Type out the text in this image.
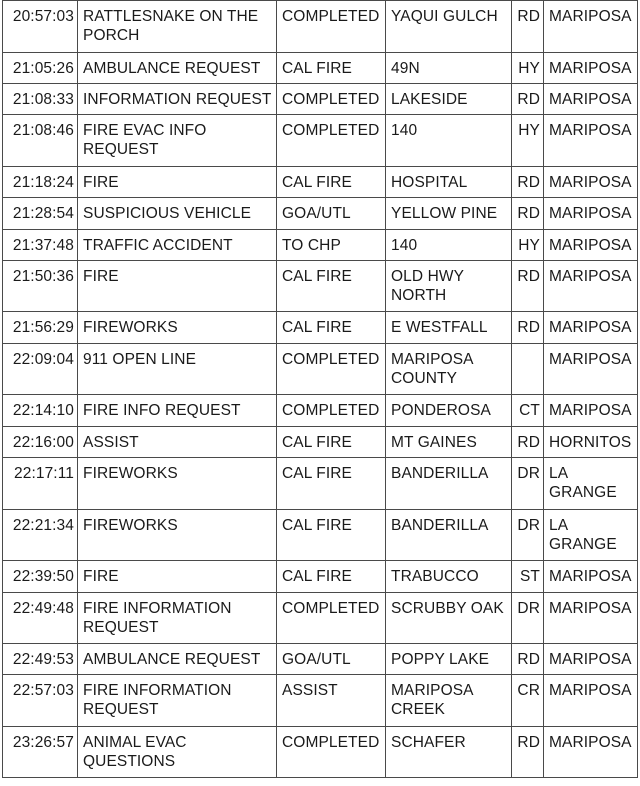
20:57:03	RATTLESNAKE ON THE PORCH	COMPLETED	YAQUI GULCH	RD	MARIPOSA
21:05:26	AMBULANCE REQUEST	CAL FIRE	49N	HY	MARIPOSA
21:08:33	INFORMATION REQUEST	COMPLETED	LAKESIDE	RD	MARIPOSA
21:08:46	FIRE EVAC INFO REQUEST	COMPLETED	140	HY	MARIPOSA
21:18:24	FIRE	CAL FIRE	HOSPITAL	RD	MARIPOSA
21:28:54	SUSPICIOUS VEHICLE	GOA/UTL	YELLOW PINE	RD	MARIPOSA
21:37:48	TRAFFIC ACCIDENT	TO CHP	140	HY	MARIPOSA
21:50:36	FIRE	CAL FIRE	OLD HWY NORTH	RD	MARIPOSA
21:56:29	FIREWORKS	CAL FIRE	E WESTFALL	RD	MARIPOSA
22:09:04	911 OPEN LINE	COMPLETED	MARIPOSA COUNTY		MARIPOSA
22:14:10	FIRE INFO REQUEST	COMPLETED	PONDEROSA	CT	MARIPOSA
22:16:00	ASSIST	CAL FIRE	MT GAINES	RD	HORNITOS
22:17:11	FIREWORKS	CAL FIRE	BANDERILLA	DR	LA GRANGE
22:21:34	FIREWORKS	CAL FIRE	BANDERILLA	DR	LA GRANGE
22:39:50	FIRE	CAL FIRE	TRABUCCO	ST	MARIPOSA
22:49:48	FIRE INFORMATION REQUEST	COMPLETED	SCRUBBY OAK	DR	MARIPOSA
22:49:53	AMBULANCE REQUEST	GOA/UTL	POPPY LAKE	RD	MARIPOSA
22:57:03	FIRE INFORMATION REQUEST	ASSIST	MARIPOSA CREEK	CR	MARIPOSA
23:26:57	ANIMAL EVAC QUESTIONS	COMPLETED	SCHAFER	RD	MARIPOSA
